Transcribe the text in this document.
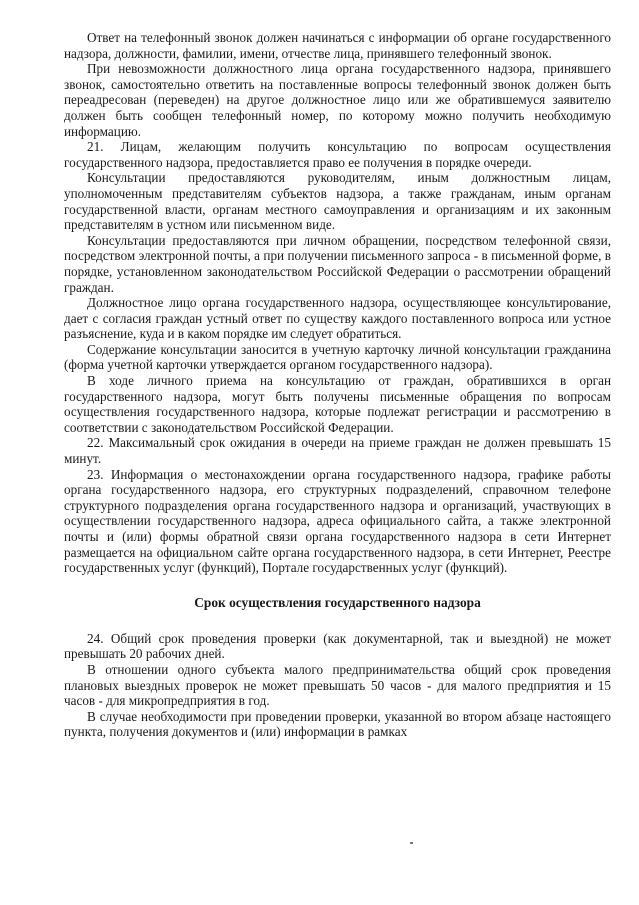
Ответ на телефонный звонок должен начинаться с информации об органе государственного надзора, должности, фамилии, имени, отчестве лица, принявшего телефонный звонок.

При невозможности должностного лица органа государственного надзора, принявшего звонок, самостоятельно ответить на поставленные вопросы телефонный звонок должен быть переадресован (переведен) на другое должностное лицо или же обратившемуся заявителю должен быть сообщен телефонный номер, по которому можно получить необходимую информацию.

21. Лицам, желающим получить консультацию по вопросам осуществления государственного надзора, предоставляется право ее получения в порядке очереди.

Консультации предоставляются руководителям, иным должностным лицам, уполномоченным представителям субъектов надзора, а также гражданам, иным органам государственной власти, органам местного самоуправления и организациям и их законным представителям в устном или письменном виде.

Консультации предоставляются при личном обращении, посредством телефонной связи, посредством электронной почты, а при получении письменного запроса - в письменной форме, в порядке, установленном законодательством Российской Федерации о рассмотрении обращений граждан.

Должностное лицо органа государственного надзора, осуществляющее консультирование, дает с согласия граждан устный ответ по существу каждого поставленного вопроса или устное разъяснение, куда и в каком порядке им следует обратиться.

Содержание консультации заносится в учетную карточку личной консультации гражданина (форма учетной карточки утверждается органом государственного надзора).

В ходе личного приема на консультацию от граждан, обратившихся в орган государственного надзора, могут быть получены письменные обращения по вопросам осуществления государственного надзора, которые подлежат регистрации и рассмотрению в соответствии с законодательством Российской Федерации.

22. Максимальный срок ожидания в очереди на приеме граждан не должен превышать 15 минут.

23. Информация о местонахождении органа государственного надзора, графике работы органа государственного надзора, его структурных подразделений, справочном телефоне структурного подразделения органа государственного надзора и организаций, участвующих в осуществлении государственного надзора, адреса официального сайта, а также электронной почты и (или) формы обратной связи органа государственного надзора в сети Интернет размещается на официальном сайте органа государственного надзора, в сети Интернет, Реестре государственных услуг (функций), Портале государственных услуг (функций).

Срок осуществления государственного надзора

24. Общий срок проведения проверки (как документарной, так и выездной) не может превышать 20 рабочих дней.

В отношении одного субъекта малого предпринимательства общий срок проведения плановых выездных проверок не может превышать 50 часов - для малого предприятия и 15 часов - для микропредприятия в год.

В случае необходимости при проведении проверки, указанной во втором абзаце настоящего пункта, получения документов и (или) информации в рамках
